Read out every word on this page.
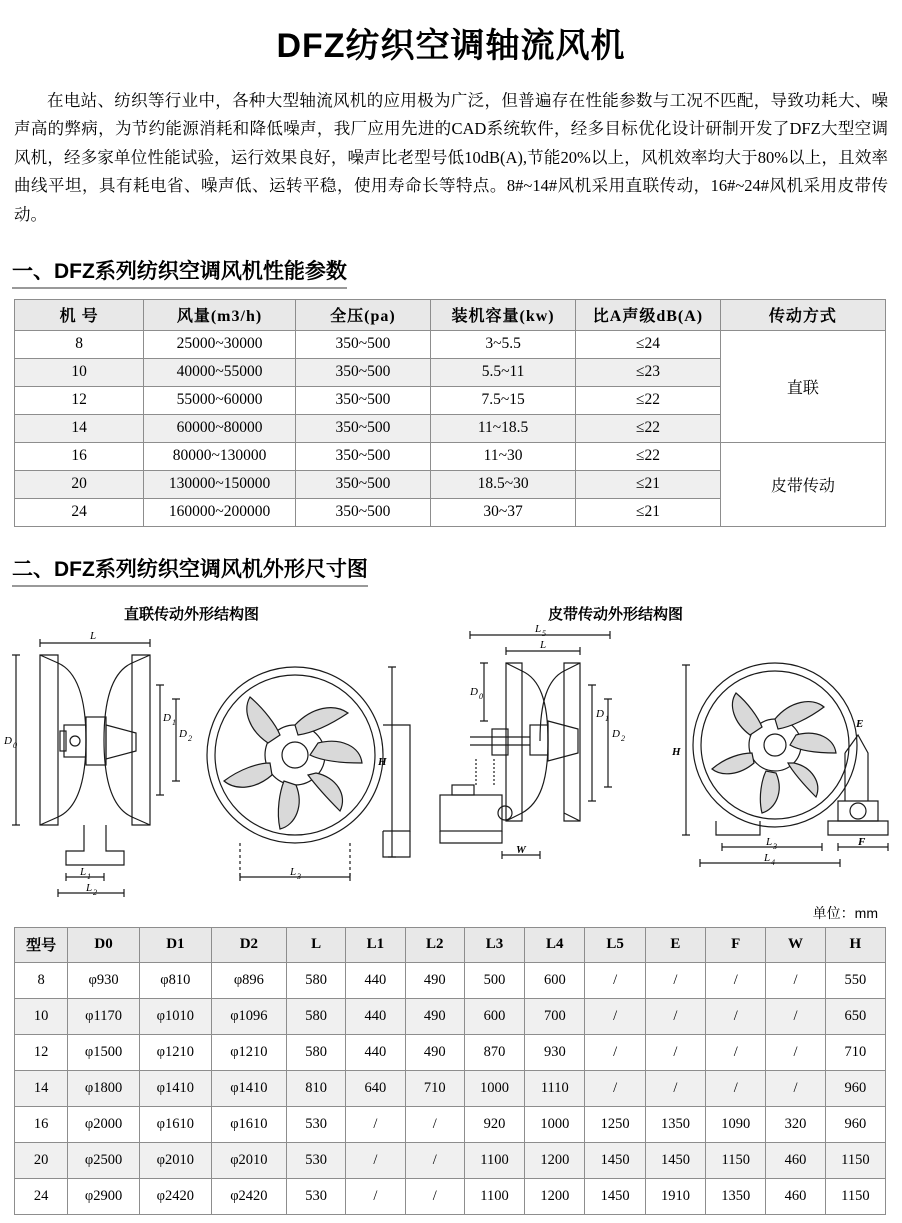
DFZ纺织空调轴流风机

在电站、纺织等行业中，各种大型轴流风机的应用极为广泛，但普遍存在性能参数与工况不匹配，导致功耗大、噪声高的弊病，为节约能源消耗和降低噪声，我厂应用先进的CAD系统软件，经多目标优化设计研制开发了DFZ大型空调风机，经多家单位性能试验，运行效果良好，噪声比老型号低10dB(A),节能20%以上，风机效率均大于80%以上，且效率曲线平坦，具有耗电省、噪声低、运转平稳，使用寿命长等特点。8#~14#风机采用直联传动，16#~24#风机采用皮带传动。

一、DFZ系列纺织空调风机性能参数
机 号	风量(m3/h)	全压(pa)	装机容量(kw)	比A声级dB(A)	传动方式
8	25000~30000	350~500	3~5.5	≤24	直联
10	40000~55000	350~500	5.5~11	≤23	
12	55000~60000	350~500	7.5~15	≤22	
14	60000~80000	350~500	11~18.5	≤22	
16	80000~130000	350~500	11~30	≤22	皮带传动
20	130000~150000	350~500	18.5~30	≤21	
24	160000~200000	350~500	30~37	≤21	
二、DFZ系列纺织空调风机外形尺寸图
直联传动外形结构图	皮带传动外形结构图
L
D 0
D 1
D 2
L 1
L 2
H
L 3
L 5
L
D 0
D 1
D 2
W
E
F
H
L 3
L 4
单位：mm
型号	D0	D1	D2	L	L1	L2	L3	L4	L5	E	F	W	H
8	φ930	φ810	φ896	580	440	490	500	600	/	/	/	/	550
10	φ1170	φ1010	φ1096	580	440	490	600	700	/	/	/	/	650
12	φ1500	φ1210	φ1210	580	440	490	870	930	/	/	/	/	710
14	φ1800	φ1410	φ1410	810	640	710	1000	1110	/	/	/	/	960
16	φ2000	φ1610	φ1610	530	/	/	920	1000	1250	1350	1090	320	960
20	φ2500	φ2010	φ2010	530	/	/	1100	1200	1450	1450	1150	460	1150
24	φ2900	φ2420	φ2420	530	/	/	1100	1200	1450	1910	1350	460	1150
